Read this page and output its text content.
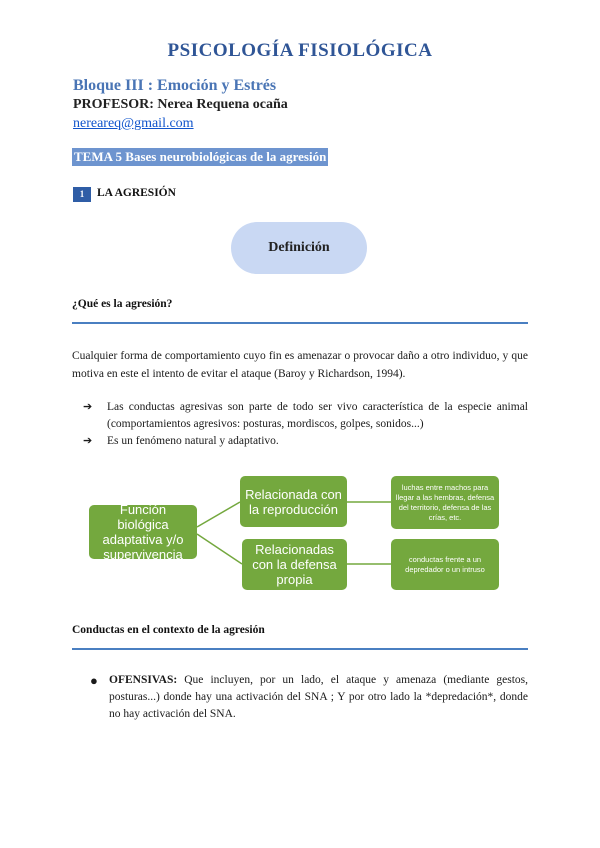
PSICOLOGÍA FISIOLÓGICA
Bloque III : Emoción y Estrés
PROFESOR: Nerea Requena ocaña
nereareq@gmail.com
TEMA 5 Bases neurobiológicas de la agresión
1	LA AGRESIÓN
Definición
¿Qué es la agresión?
Cualquier forma de comportamiento cuyo fin es amenazar o provocar daño a otro individuo, y que motiva en este el intento de evitar el ataque (Baroy y Richardson, 1994).
➔ Las conductas agresivas son parte de todo ser vivo característica de la especie animal (comportamientos agresivos: posturas, mordiscos, golpes, sonidos...)
➔ Es un fenómeno natural y adaptativo.
Función biológica adaptativa y/o supervivencia
Relacionada con la reproducción
Relacionadas con la defensa propia
luchas entre machos para llegar a las hembras, defensa del territorio, defensa de las crías, etc.
conductas frente a un depredador o un intruso
Conductas en el contexto de la agresión
● OFENSIVAS: Que incluyen, por un lado, el ataque y amenaza (mediante gestos, posturas...) donde hay una activación del SNA ; Y por otro lado la *depredación*, donde no hay activación del SNA.
